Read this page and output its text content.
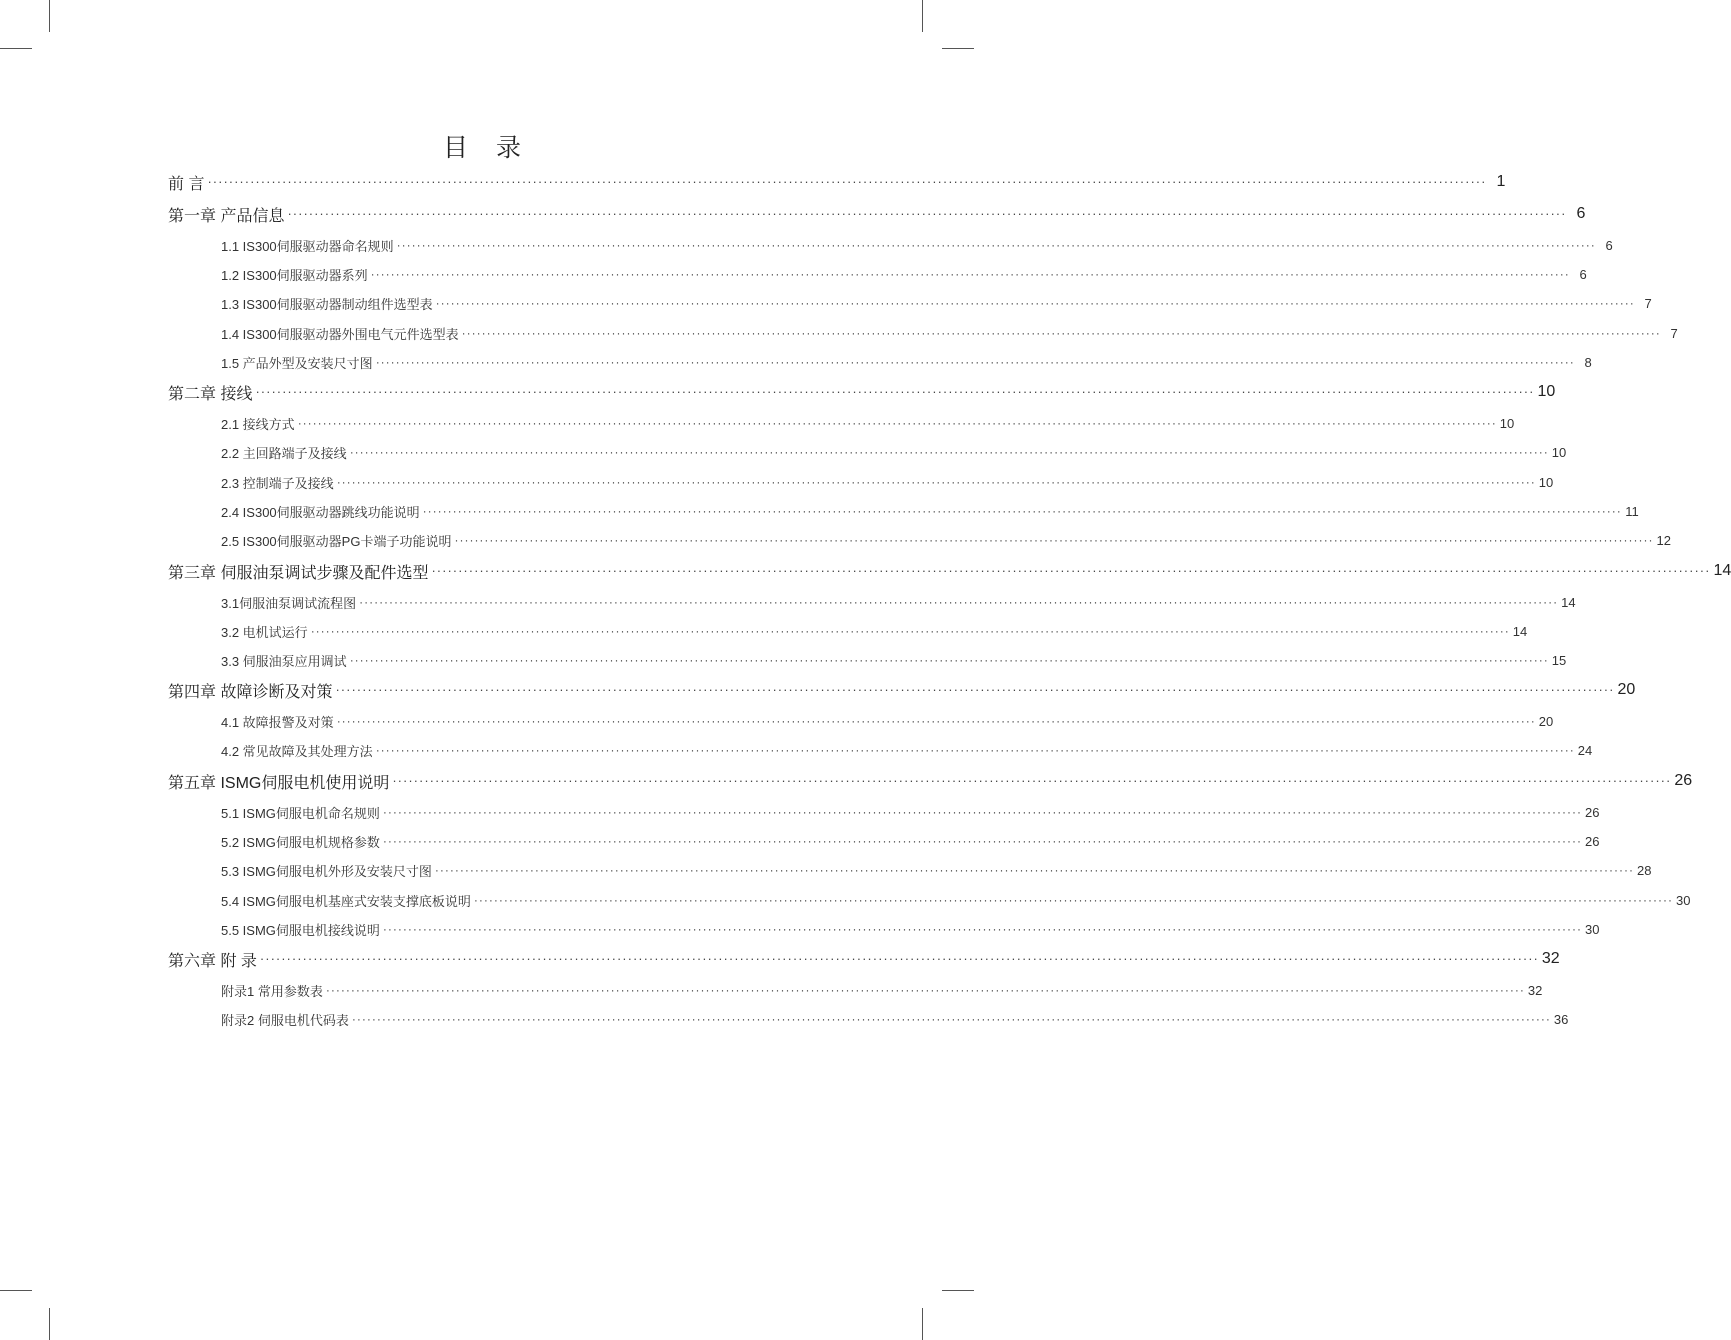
目 录
前 言 ················································································································································································································································ 1
第一章 产品信息 ················································································································································································································································ 6
1.1 IS300伺服驱动器命名规则 ················································································································································································································································ 6
1.2 IS300伺服驱动器系列 ················································································································································································································································ 6
1.3 IS300伺服驱动器制动组件选型表 ················································································································································································································································ 7
1.4 IS300伺服驱动器外围电气元件选型表 ················································································································································································································································ 7
1.5 产品外型及安装尺寸图 ················································································································································································································································ 8
第二章 接线 ················································································································································································································································ 10
2.1 接线方式 ················································································································································································································································ 10
2.2 主回路端子及接线 ················································································································································································································································ 10
2.3 控制端子及接线 ················································································································································································································································ 10
2.4 IS300伺服驱动器跳线功能说明 ················································································································································································································································ 11
2.5 IS300伺服驱动器PG卡端子功能说明 ················································································································································································································································ 12
第三章 伺服油泵调试步骤及配件选型 ················································································································································································································································ 14
3.1伺服油泵调试流程图 ················································································································································································································································ 14
3.2 电机试运行 ················································································································································································································································ 14
3.3 伺服油泵应用调试 ················································································································································································································································ 15
第四章 故障诊断及对策 ················································································································································································································································ 20
4.1 故障报警及对策 ················································································································································································································································ 20
4.2 常见故障及其处理方法 ················································································································································································································································ 24
第五章 ISMG伺服电机使用说明 ················································································································································································································································ 26
5.1 ISMG伺服电机命名规则 ················································································································································································································································ 26
5.2 ISMG伺服电机规格参数 ················································································································································································································································ 26
5.3 ISMG伺服电机外形及安装尺寸图 ················································································································································································································································ 28
5.4 ISMG伺服电机基座式安装支撑底板说明 ················································································································································································································································ 30
5.5 ISMG伺服电机接线说明 ················································································································································································································································ 30
第六章 附 录 ················································································································································································································································ 32
附录1 常用参数表 ················································································································································································································································ 32
附录2 伺服电机代码表 ················································································································································································································································ 36
